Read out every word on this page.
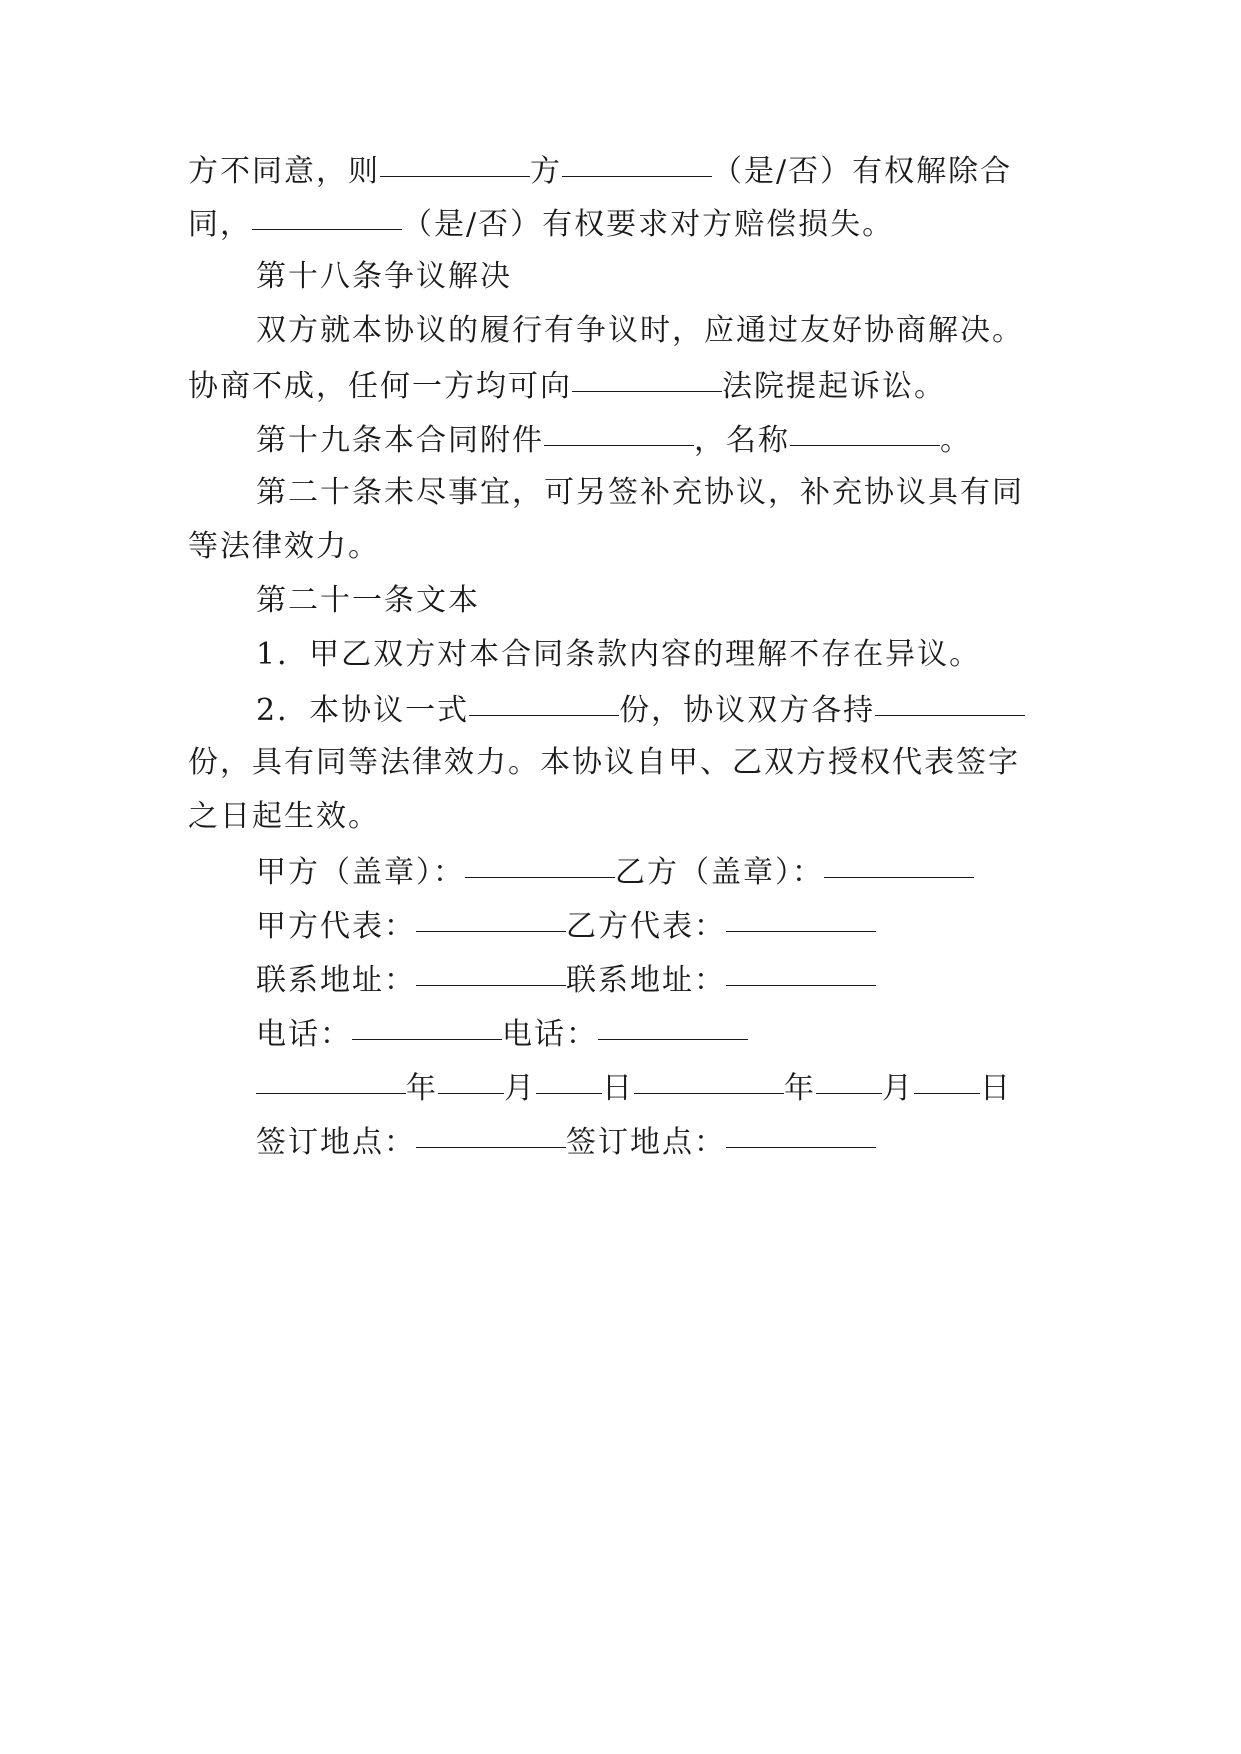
方不同意，则	方	（是/否）有权解除合
同，	（是/否）有权要求对方赔偿损失。
第十八条争议解决
双方就本协议的履行有争议时，应通过友好协商解决。
协商不成，任何一方均可向	法院提起诉讼。
第十九条本合同附件	，名称	。
第二十条未尽事宜，可另签补充协议，补充协议具有同
等法律效力。
第二十一条文本
1．甲乙双方对本合同条款内容的理解不存在异议。
2．本协议一式	份，协议双方各持
份，具有同等法律效力。本协议自甲、乙双方授权代表签字
之日起生效。
甲方（盖章）：	乙方（盖章）：
甲方代表：	乙方代表：
联系地址：	联系地址：
电话：	电话：
年 月 日	年 月 日
签订地点：	签订地点：
